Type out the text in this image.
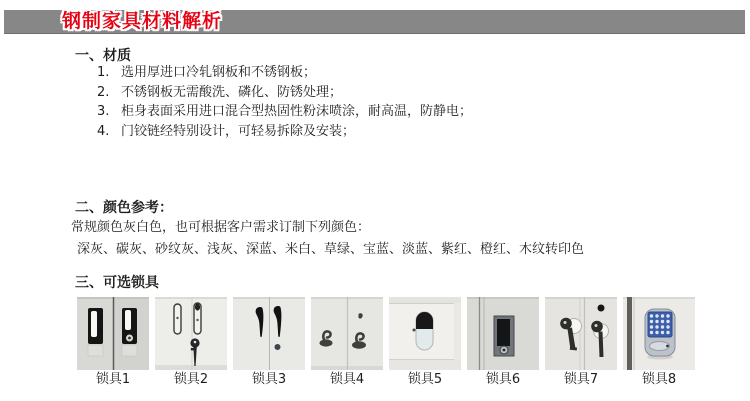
钢制家具材料解析
一、材质
1. 选用厚进口冷轧钢板和不锈钢板；
2. 不锈钢板无需酸洗、磷化、防锈处理；
3. 柜身表面采用进口混合型热固性粉沫喷涂，耐高温，防静电；
4. 门铰链经特别设计，可轻易拆除及安装；
二、颜色参考：
常规颜色灰白色，也可根据客户需求订制下列颜色：
深灰、碳灰、砂纹灰、浅灰、深蓝、米白、草绿、宝蓝、淡蓝、紫红、橙红、木纹转印色
三、可选锁具
锁具1	锁具2	锁具3	锁具4	锁具5	锁具6	锁具7	锁具8
